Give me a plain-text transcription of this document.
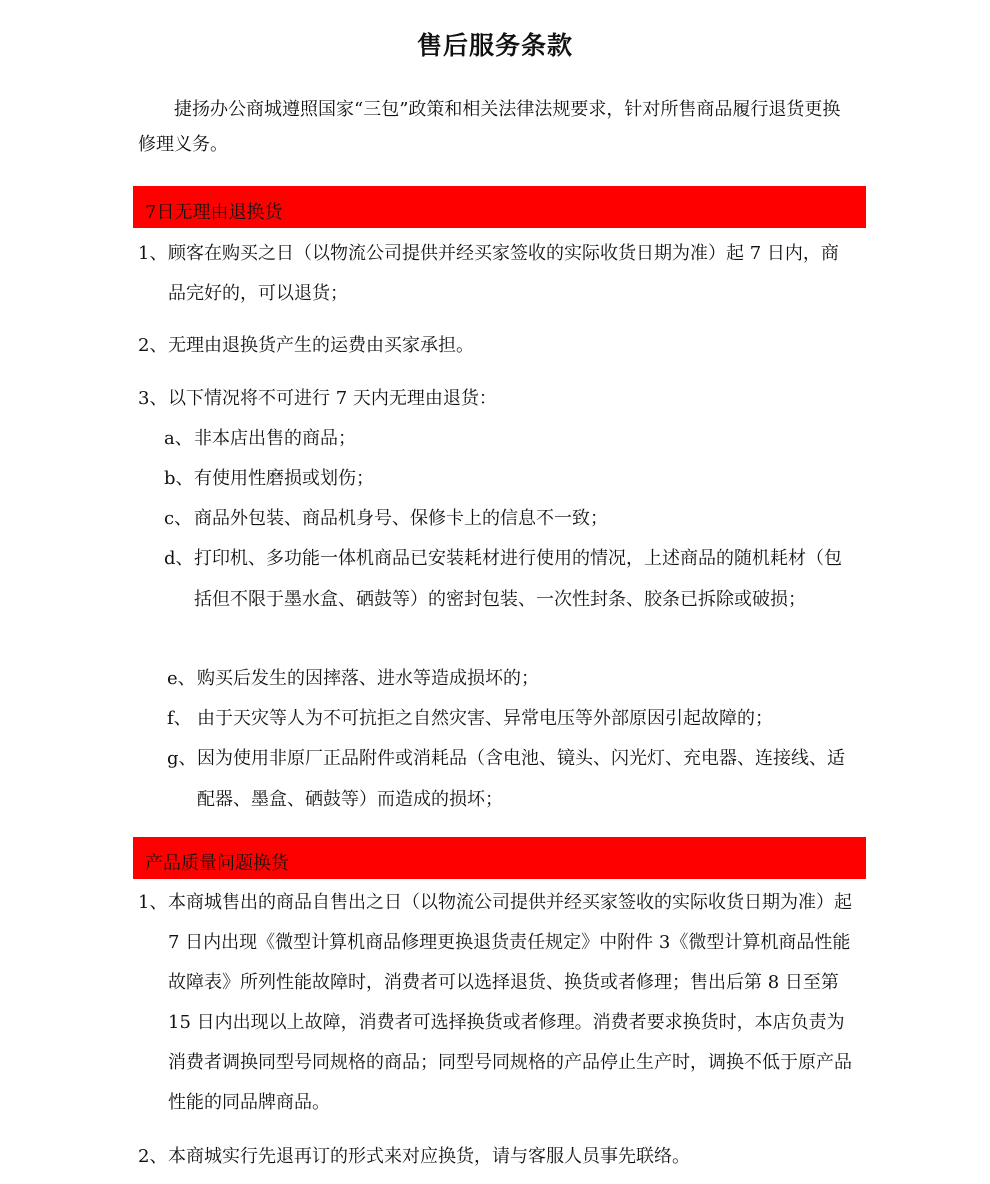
售后服务条款
捷扬办公商城遵照国家“三包”政策和相关法律法规要求，针对所售商品履行退货更换修理义务。
7日无理由退换货
1、 顾客在购买之日（以物流公司提供并经买家签收的实际收货日期为准）起 7 日内，商品完好的，可以退货；
2、 无理由退换货产生的运费由买家承担。
3、 以下情况将不可进行 7 天内无理由退货：
a、 非本店出售的商品；
b、 有使用性磨损或划伤；
c、 商品外包装、商品机身号、保修卡上的信息不一致；
d、 打印机、多功能一体机商品已安装耗材进行使用的情况，上述商品的随机耗材（包括但不限于墨水盒、硒鼓等）的密封包装、一次性封条、胶条已拆除或破损；
e、 购买后发生的因摔落、进水等造成损坏的；
f、 由于天灾等人为不可抗拒之自然灾害、异常电压等外部原因引起故障的；
g、 因为使用非原厂正品附件或消耗品（含电池、镜头、闪光灯、充电器、连接线、适配器、墨盒、硒鼓等）而造成的损坏；
产品质量问题换货
1、 本商城售出的商品自售出之日（以物流公司提供并经买家签收的实际收货日期为准）起 7 日内出现《微型计算机商品修理更换退货责任规定》中附件 3《微型计算机商品性能故障表》所列性能故障时，消费者可以选择退货、换货或者修理；售出后第 8 日至第 15 日内出现以上故障，消费者可选择换货或者修理。消费者要求换货时，本店负责为消费者调换同型号同规格的商品；同型号同规格的产品停止生产时，调换不低于原产品性能的同品牌商品。
2、 本商城实行先退再订的形式来对应换货，请与客服人员事先联络。
